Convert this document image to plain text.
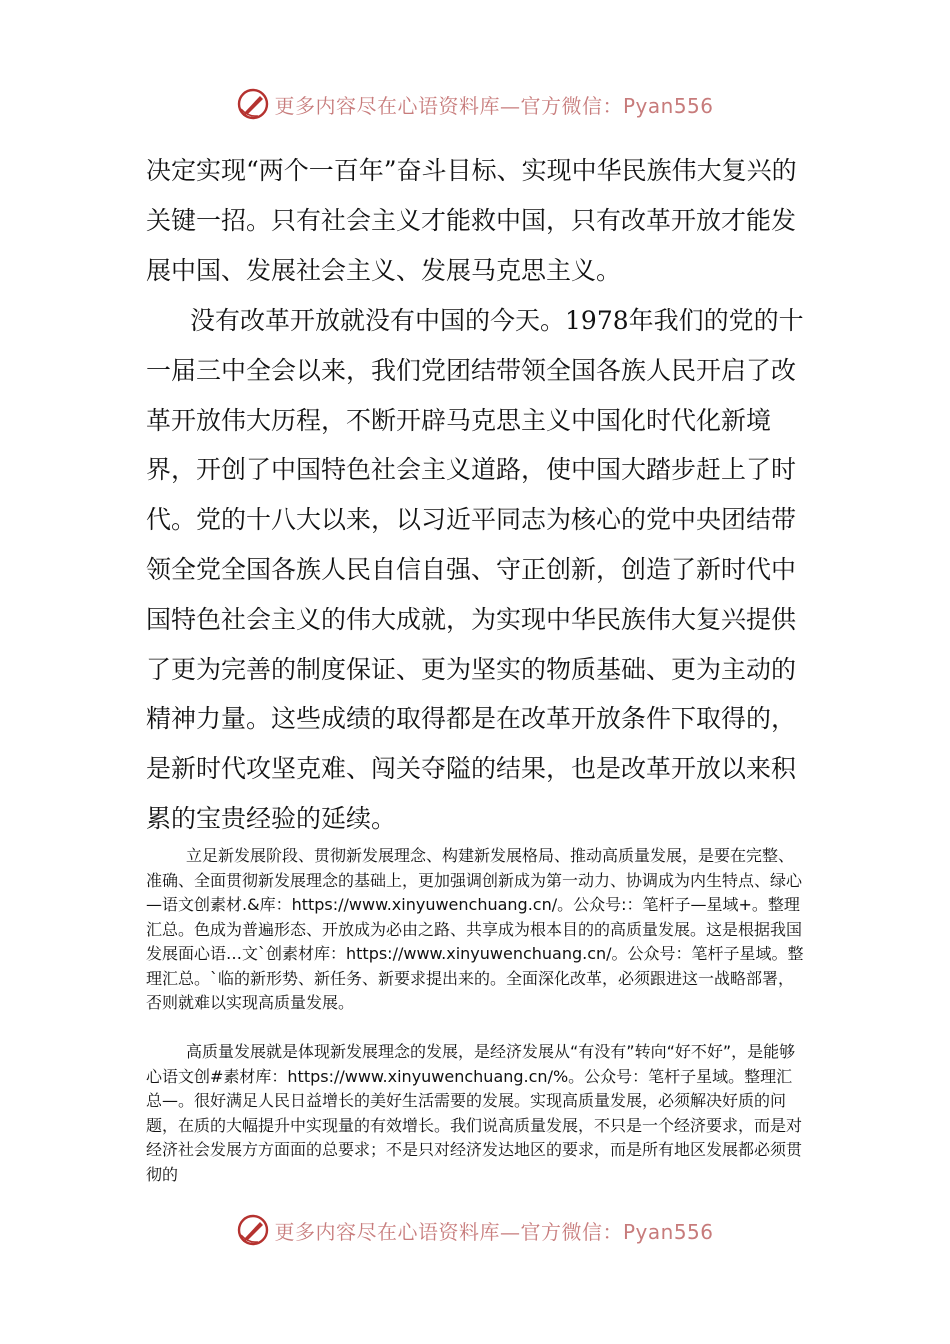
更多内容尽在心语资料库—官方微信：Pyan556

决定实现“两个一百年”奋斗目标、实现中华民族伟大复兴的关键一招。只有社会主义才能救中国，只有改革开放才能发展中国、发展社会主义、发展马克思主义。

没有改革开放就没有中国的今天。1978年我们的党的十一届三中全会以来，我们党团结带领全国各族人民开启了改革开放伟大历程，不断开辟马克思主义中国化时代化新境界，开创了中国特色社会主义道路，使中国大踏步赶上了时代。党的十八大以来，以习近平同志为核心的党中央团结带领全党全国各族人民自信自强、守正创新，创造了新时代中国特色社会主义的伟大成就，为实现中华民族伟大复兴提供了更为完善的制度保证、更为坚实的物质基础、更为主动的精神力量。这些成绩的取得都是在改革开放条件下取得的，是新时代攻坚克难、闯关夺隘的结果，也是改革开放以来积累的宝贵经验的延续。

立足新发展阶段、贯彻新发展理念、构建新发展格局、推动高质量发展，是要在完整、准确、全面贯彻新发展理念的基础上，更加强调创新成为第一动力、协调成为内生特点、绿心—语文创素材.&库：https://www.xinyuwenchuang.cn/。公众号:：笔杆子—星域+。整理汇总。色成为普遍形态、开放成为必由之路、共享成为根本目的的高质量发展。这是根据我国发展面心语…文`创素材库：https://www.xinyuwenchuang.cn/。公众号：笔杆子星域。整理汇总。`临的新形势、新任务、新要求提出来的。全面深化改革，必须跟进这一战略部署，否则就难以实现高质量发展。

高质量发展就是体现新发展理念的发展，是经济发展从“有没有”转向“好不好”，是能够心语文创#素材库：https://www.xinyuwenchuang.cn/%。公众号：笔杆子星域。整理汇总—。很好满足人民日益增长的美好生活需要的发展。实现高质量发展，必须解决好质的问题，在质的大幅提升中实现量的有效增长。我们说高质量发展，不只是一个经济要求，而是对经济社会发展方方面面的总要求；不是只对经济发达地区的要求，而是所有地区发展都必须贯彻的

更多内容尽在心语资料库—官方微信：Pyan556
